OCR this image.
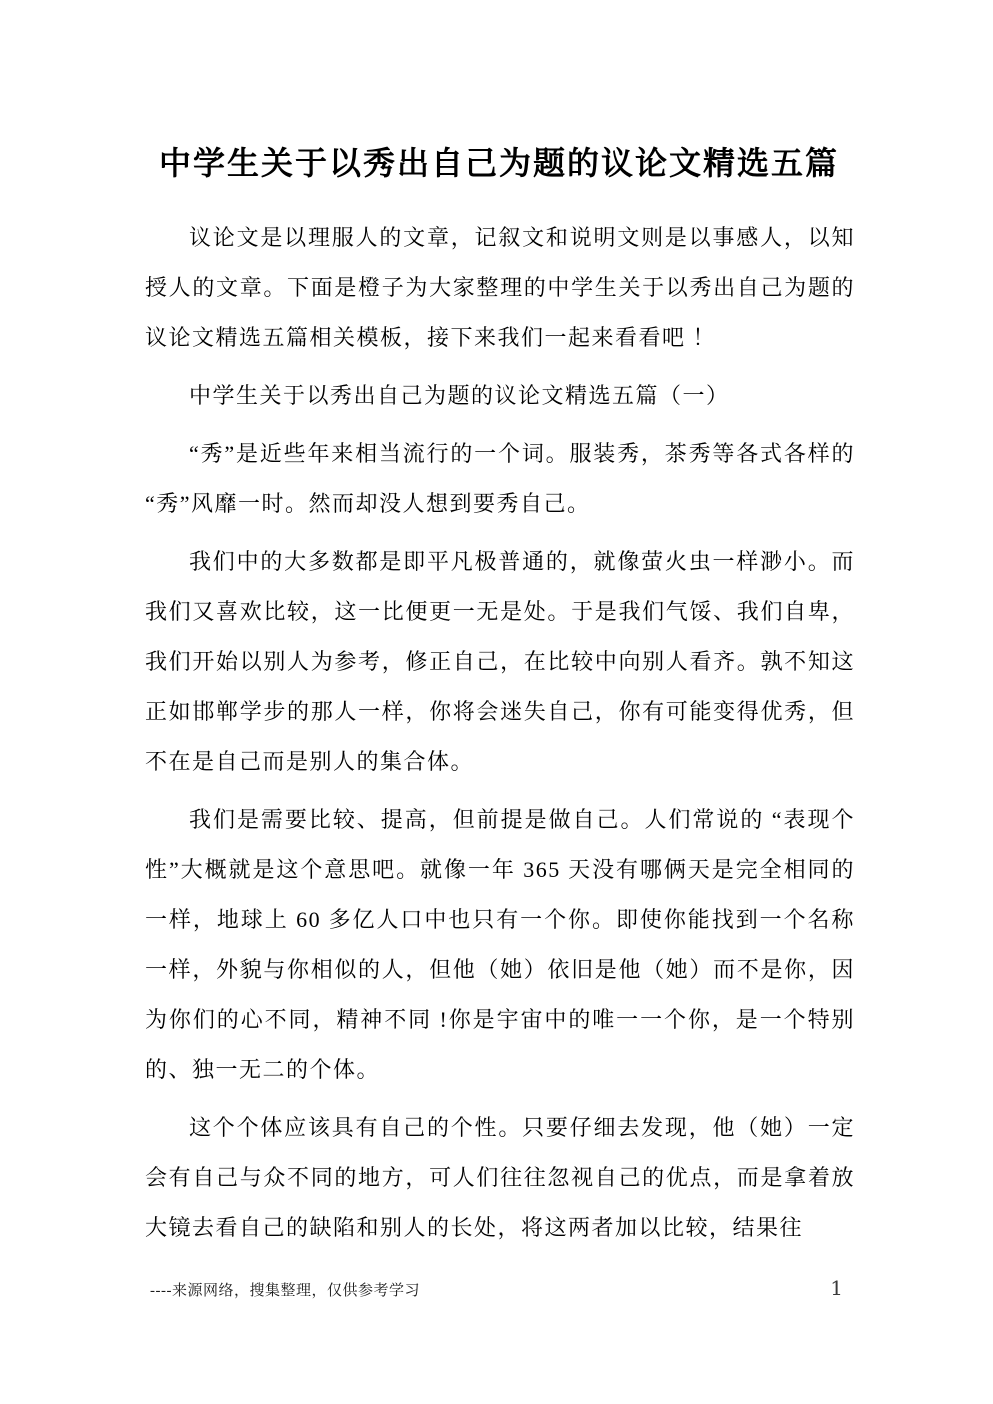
中学生关于以秀出自己为题的议论文精选五篇

议论文是以理服人的文章，记叙文和说明文则是以事感人，以知授人的文章。下面是橙子为大家整理的中学生关于以秀出自己为题的议论文精选五篇相关模板，接下来我们一起来看看吧 ！

中学生关于以秀出自己为题的议论文精选五篇（一）

“秀”是近些年来相当流行的一个词。服装秀，茶秀等各式各样的“秀”风靡一时。然而却没人想到要秀自己。

我们中的大多数都是即平凡极普通的，就像萤火虫一样渺小。而我们又喜欢比较，这一比便更一无是处。于是我们气馁、我们自卑，我们开始以别人为参考，修正自己，在比较中向别人看齐。孰不知这正如邯郸学步的那人一样，你将会迷失自己，你有可能变得优秀，但不在是自己而是别人的集合体。

我们是需要比较、提高，但前提是做自己。人们常说的 “表现个性”大概就是这个意思吧。就像一年 365 天没有哪俩天是完全相同的一样，地球上 60 多亿人口中也只有一个你。即使你能找到一个名称一样，外貌与你相似的人，但他（她）依旧是他（她）而不是你，因为你们的心不同，精神不同 !你是宇宙中的唯一一个你，是一个特别的、独一无二的个体。

这个个体应该具有自己的个性。只要仔细去发现，他（她）一定会有自己与众不同的地方，可人们往往忽视自己的优点，而是拿着放大镜去看自己的缺陷和别人的长处，将这两者加以比较，结果往

----来源网络，搜集整理，仅供参考学习	1
